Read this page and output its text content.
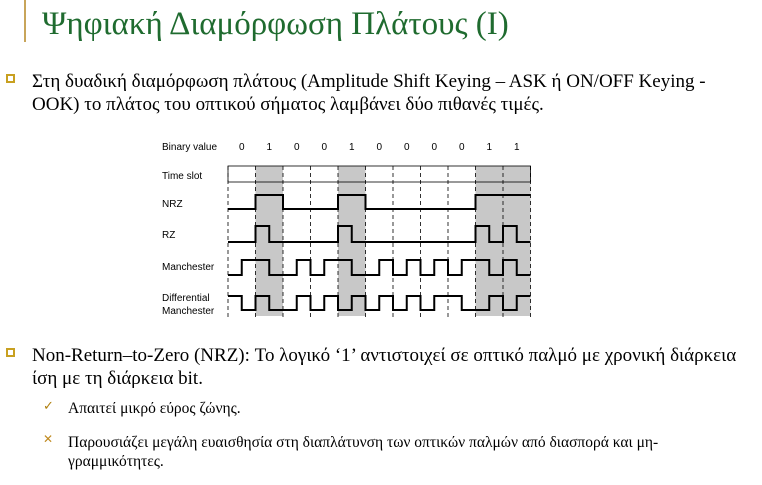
Ψηφιακή Διαμόρφωση Πλάτους (Ι)
Στη δυαδική διαμόρφωση πλάτους (Amplitude Shift Keying – ASK ή ON/OFF Keying - OOK) το πλάτος του οπτικού σήματος λαμβάνει δύο πιθανές τιμές.
Binary value 0 1 0 0 1 0 0 0 0 1 1
Time slot
NRZ
RZ
Manchester
Differential
Manchester
Non-Return–to-Zero (NRZ): Το λογικό ‘1’ αντιστοιχεί σε οπτικό παλμό με χρονική διάρκεια ίση με τη διάρκεια bit.
✓ Απαιτεί μικρό εύρος ζώνης.
✕ Παρουσιάζει μεγάλη ευαισθησία στη διαπλάτυνση των οπτικών παλμών από διασπορά και μη-γραμμικότητες.
